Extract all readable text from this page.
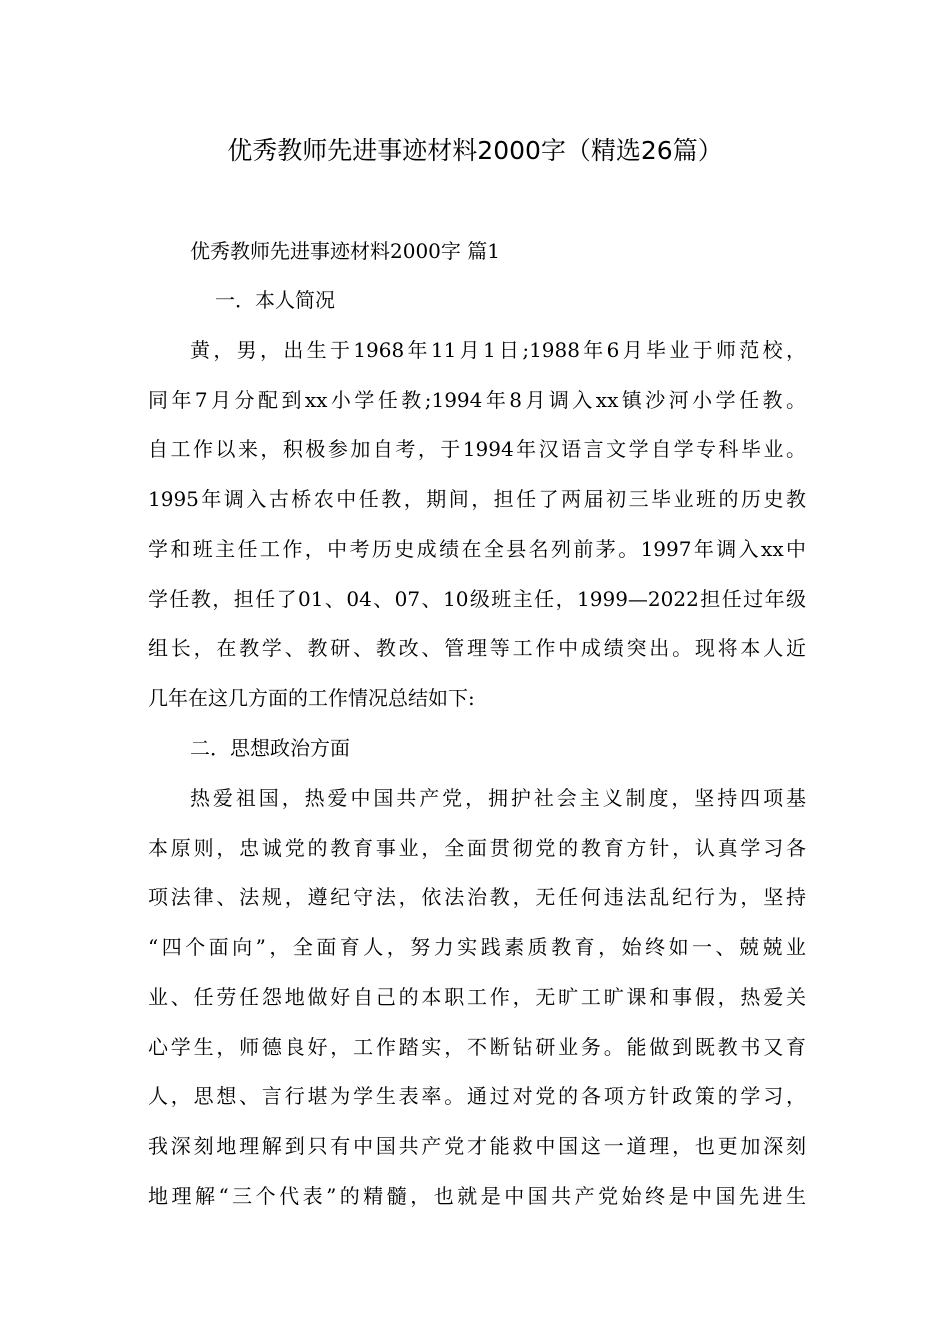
优秀教师先进事迹材料2000字（精选26篇）
优秀教师先进事迹材料2000字 篇1
一．本人简况
黄，男，出生于1968年11月1日;1988年6月毕业于师范校，
同年7月分配到xx小学任教;1994年8月调入xx镇沙河小学任教。
自工作以来，积极参加自考，于1994年汉语言文学自学专科毕业。
1995年调入古桥农中任教，期间，担任了两届初三毕业班的历史教
学和班主任工作，中考历史成绩在全县名列前茅。1997年调入xx中
学任教，担任了01、04、07、10级班主任，1999—2022担任过年级
组长，在教学、教研、教改、管理等工作中成绩突出。现将本人近
几年在这几方面的工作情况总结如下:
二．思想政治方面
热爱祖国，热爱中国共产党，拥护社会主义制度，坚持四项基
本原则，忠诚党的教育事业，全面贯彻党的教育方针，认真学习各
项法律、法规，遵纪守法，依法治教，无任何违法乱纪行为，坚持
“四个面向”，全面育人，努力实践素质教育，始终如一、兢兢业
业、任劳任怨地做好自己的本职工作，无旷工旷课和事假，热爱关
心学生，师德良好，工作踏实，不断钻研业务。能做到既教书又育
人，思想、言行堪为学生表率。通过对党的各项方针政策的学习，
我深刻地理解到只有中国共产党才能救中国这一道理，也更加深刻
地理解“三个代表”的精髓，也就是中国共产党始终是中国先进生
